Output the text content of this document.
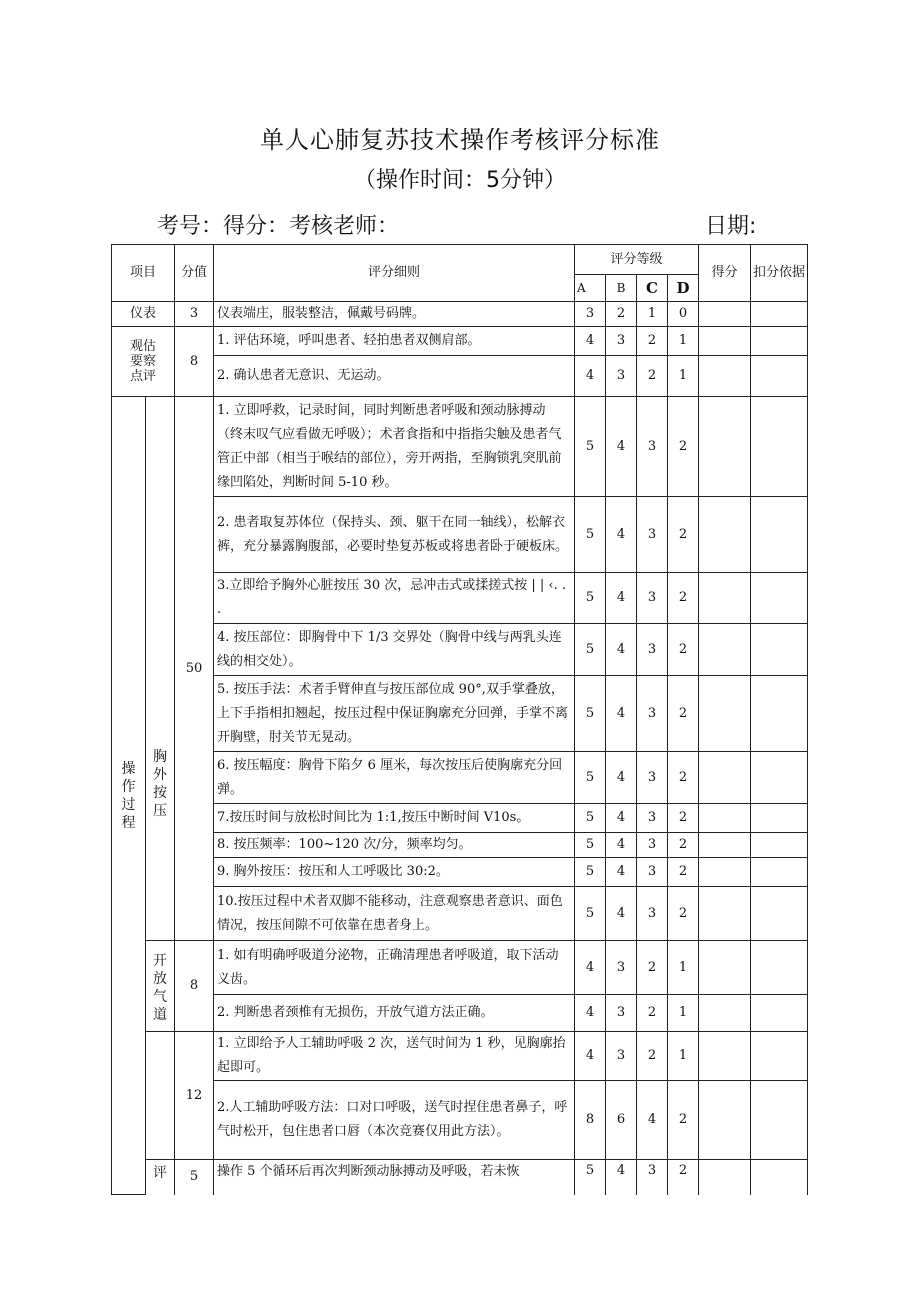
单人心肺复苏技术操作考核评分标准
（操作时间：5分钟）
考号：得分：考核老师：	日期:
项目		分值	评分细则	评分等级				得分	扣分依据
				A	B	C	D		
仪表		3	仪表端庄，服装整洁，佩戴号码牌。	3	2	1	0		
观估要察点评		8	1. 评估环境，呼叫患者、轻拍患者双侧肩部。	4	3	2	1		
			2. 确认患者无意识、无运动。	4	3	2	1		
操作过程	胸外按压	50	1. 立即呼救，记录时间，同时判断患者呼吸和颈动脉搏动（终末叹气应看做无呼吸）；术者食指和中指指尖触及患者气管正中部（相当于喉结的部位），旁开两指，至胸锁乳突肌前缘凹陷处，判断时间 5-10 秒。	5	4	3	2		
			2. 患者取复苏体位（保持头、颈、躯干在同一轴线），松解衣裤，充分暴露胸腹部，必要时垫复苏板或将患者卧于硬板床。	5	4	3	2		
			3.立即给予胸外心脏按压 30 次，忌冲击式或揉搓式按 | | ‹. . .	5	4	3	2		
			4. 按压部位：即胸骨中下 1/3 交界处（胸骨中线与两乳头连线的相交处）。	5	4	3	2		
			5. 按压手法：术者手臂伸直与按压部位成 90°,双手掌叠放，上下手指相扣翘起，按压过程中保证胸廓充分回弹，手掌不离开胸壁，肘关节无晃动。	5	4	3	2		
			6. 按压幅度：胸骨下陷夕 6 厘米，每次按压后使胸廓充分回弹。	5	4	3	2		
			7.按压时间与放松时间比为 1:1,按压中断时间 V10s。	5	4	3	2		
			8. 按压频率：100~120 次/分，频率均匀。	5	4	3	2		
			9. 胸外按压：按压和人工呼吸比 30:2。	5	4	3	2		
			10.按压过程中术者双脚不能移动，注意观察患者意识、面色情况，按压间隙不可依靠在患者身上。	5	4	3	2		
	开放气道	8	1. 如有明确呼吸道分泌物，正确清理患者呼吸道，取下活动义齿。	4	3	2	1		
			2. 判断患者颈椎有无损伤，开放气道方法正确。	4	3	2	1		
		12	1. 立即给予人工辅助呼吸 2 次，送气时间为 1 秒，见胸廓抬起即可。	4	3	2	1		
			2.人工辅助呼吸方法：口对口呼吸，送气时捏住患者鼻子，呼气时松开，包住患者口唇（本次竞赛仅用此方法）。	8	6	4	2		
	评	5	操作 5 个循环后再次判断颈动脉搏动及呼吸，若未恢	5	4	3	2		
